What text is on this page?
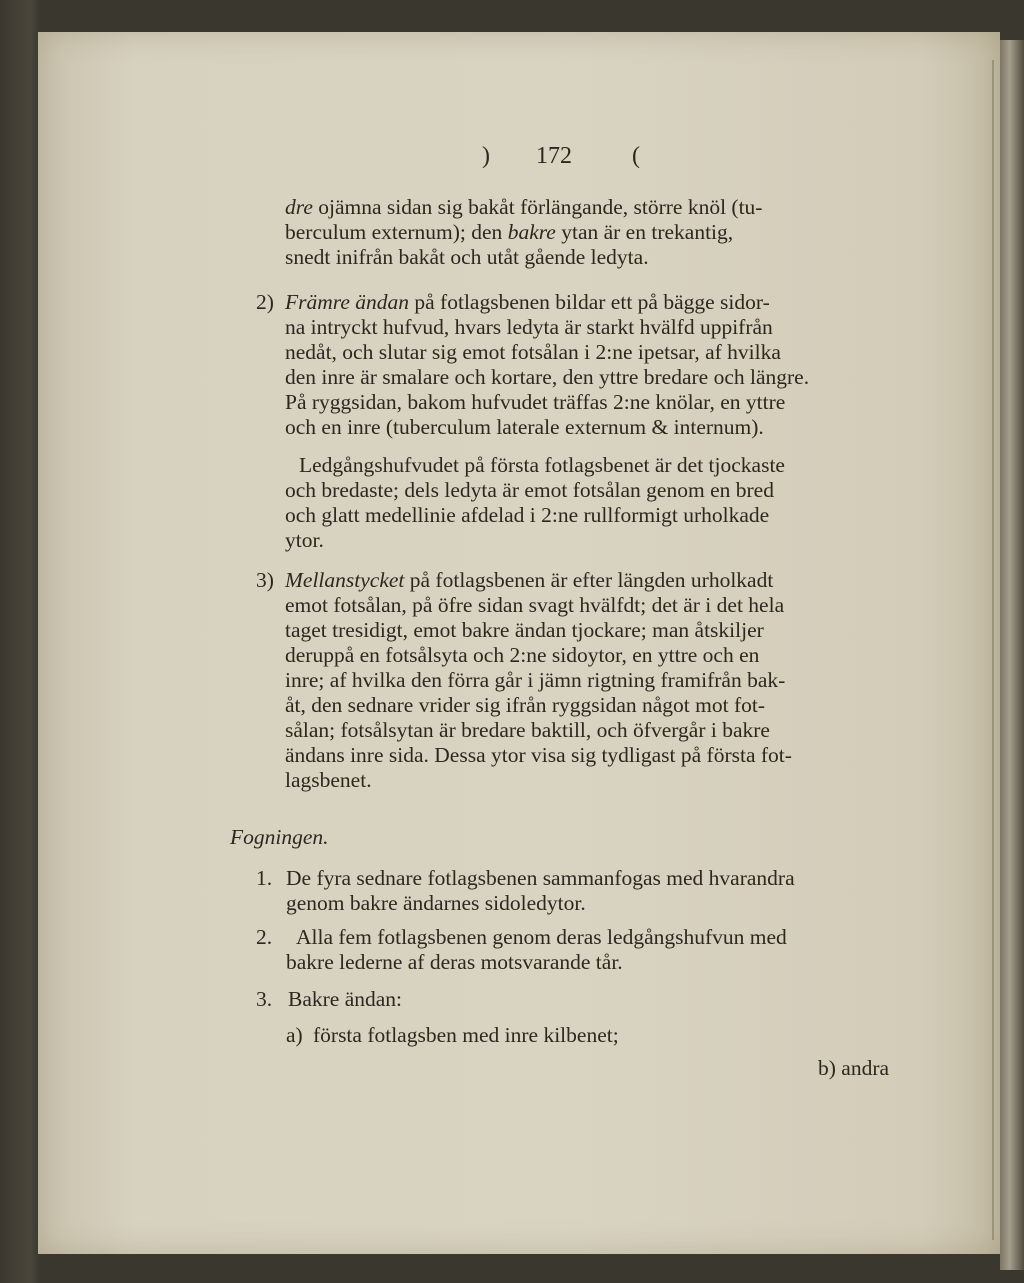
) 172	(
dre ojämna sidan sig bakåt förlängande, större knöl (tu-
berculum externum); den bakre ytan är en trekantig,
snedt inifrån bakåt och utåt gående ledyta.
2) Främre ändan på fotlagsbenen bildar ett på bägge sidor-
na intryckt hufvud, hvars ledyta är starkt hvälfd uppifrån
nedåt, och slutar sig emot fotsålan i 2:ne ipetsar, af hvilka
den inre är smalare och kortare, den yttre bredare och längre.
På ryggsidan, bakom hufvudet träffas 2:ne knölar, en yttre
och en inre (tuberculum laterale externum & internum).
Ledgångshufvudet på första fotlagsbenet är det tjockaste
och bredaste; dels ledyta är emot fotsålan genom en bred
och glatt medellinie afdelad i 2:ne rullformigt urholkade
ytor.
3) Mellanstycket på fotlagsbenen är efter längden urholkadt
emot fotsålan, på öfre sidan svagt hvälfdt; det är i det hela
taget tresidigt, emot bakre ändan tjockare; man åtskiljer
deruppå en fotsålsyta och 2:ne sidoytor, en yttre och en
inre; af hvilka den förra går i jämn rigtning framifrån bak-
åt, den sednare vrider sig ifrån ryggsidan något mot fot-
sålan; fotsålsytan är bredare baktill, och öfvergår i bakre
ändans inre sida. Dessa ytor visa sig tydligast på första fot-
lagsbenet.
Fogningen.
1. De fyra sednare fotlagsbenen sammanfogas med hvarandra
genom bakre ändarnes sidoledytor.
2. Alla fem fotlagsbenen genom deras ledgångshufvun med
bakre lederne af deras motsvarande tår.
3. Bakre ändan:
a) första fotlagsben med inre kilbenet;
b) andra
